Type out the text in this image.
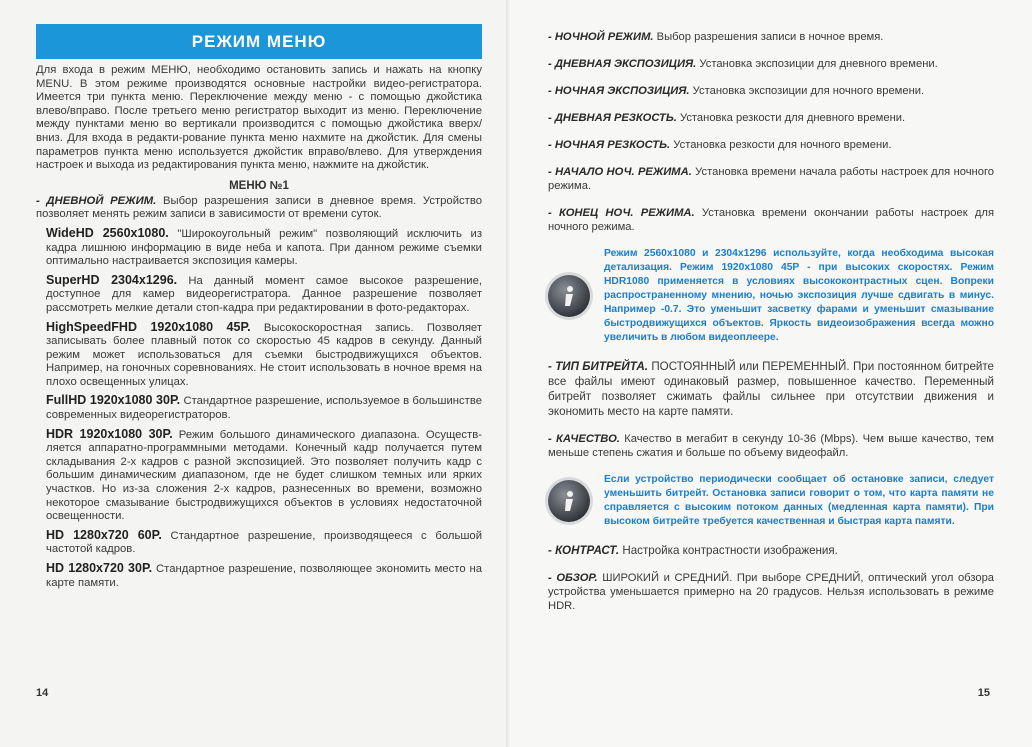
РЕЖИМ МЕНЮ

Для входа в режим МЕНЮ, необходимо остановить запись и нажать на кнопку MENU. В этом режиме производятся основные настройки видео-регистратора. Имеется три пункта меню. Переключение между меню - с помощью джойстика влево/вправо. После третьего меню регистратор выходит из меню. Переключение между пунктами меню во вертикали производится с помощью джойстика вверх/вниз. Для входа в редакти-рование пункта меню нахмите на джойстик. Для смены параметров пункта меню используется джойстик вправо/влево. Для утверждения настроек и выхода из редактирования пункта меню, нажмите на джойстик.

МЕНЮ №1

- ДНЕВНОЙ РЕЖИМ. Выбор разрешения записи в дневное время. Устройство позволяет менять режим записи в зависимости от времени суток.

WideHD 2560x1080. "Широкоугольный режим" позволяющий исключить из кадра лишнюю информацию в виде неба и капота. При данном режиме съемки оптимально настраивается экспозиция камеры.

SuperHD 2304x1296. На данный момент самое высокое разрешение, доступное для камер видеорегистратора. Данное разрешение позволяет рассмотреть мелкие детали стоп-кадра при редактировании в фото-редакторах.

HighSpeedFHD 1920x1080 45P. Высокоскоростная запись. Позволяет записывать более плавный поток со скоростью 45 кадров в секунду. Данный режим может использоваться для съемки быстродвижущихся объектов. Например, на гоночных соревнованиях. Не стоит использовать в ночное время на плохо освещенных улицах.

FullHD 1920x1080 30P. Стандартное разрешение, используемое в большинстве современных видеорегистраторов.

HDR 1920x1080 30P. Режим большого динамического диапазона. Осуществ-ляется аппаратно-программными методами. Конечный кадр получается путем складывания 2-х кадров с разной экспозицией. Это позволяет получить кадр с большим динамическим диапазоном, где не будет слишком темных или ярких участков. Но из-за сложения 2-х кадров, разнесенных во времени, возможно некоторое смазывание быстродвижущихся объектов в условиях недостаточной освещенности.

HD 1280x720 60P. Стандартное разрешение, производящееся с большой частотой кадров.

HD 1280x720 30P. Стандартное разрешение, позволяющее экономить место на карте памяти.

14

- НОЧНОЙ РЕЖИМ. Выбор разрешения записи в ночное время.

- ДНЕВНАЯ ЭКСПОЗИЦИЯ. Установка экспозиции для дневного времени.

- НОЧНАЯ ЭКСПОЗИЦИЯ. Установка экспозиции для ночного времени.

- ДНЕВНАЯ РЕЗКОСТЬ. Установка резкости для дневного времени.

- НОЧНАЯ РЕЗКОСТЬ. Установка резкости для ночного времени.

- НАЧАЛО НОЧ. РЕЖИМА. Установка времени начала работы настроек для ночного режима.

- КОНЕЦ НОЧ. РЕЖИМА. Установка времени окончании работы настроек для ночного режима.

Режим 2560x1080 и 2304x1296 используйте, когда необходима высокая детализация. Режим 1920x1080 45P - при высоких скоростях. Режим HDR1080 применяется в условиях высококонтрастных сцен. Вопреки распространенному мнению, ночью экспозиция лучше сдвигать в минус. Например -0.7. Это уменьшит засветку фарами и уменьшит смазывание быстродвижущихся объектов. Яркость видеоизображения всегда можно увеличить в любом видеоплеере.

- ТИП БИТРЕЙТА. ПОСТОЯННЫЙ или ПЕРЕМЕННЫЙ. При постоянном битрейте все файлы имеют одинаковый размер, повышенное качество. Переменный битрейт позволяет сжимать файлы сильнее при отсутствии движения и экономить место на карте памяти.

- КАЧЕСТВО. Качество в мегабит в секунду 10-36 (Mbps). Чем выше качество, тем меньше степень сжатия и больше по объему видеофайл.

Если устройство периодически сообщает об остановке записи, следует уменьшить битрейт. Остановка записи говорит о том, что карта памяти не справляется с высоким потоком данных (медленная карта памяти). При высоком битрейте требуется качественная и быстрая карта памяти.

- КОНТРАСТ. Настройка контрастности изображения.

- ОБЗОР. ШИРОКИЙ и СРЕДНИЙ. При выборе СРЕДНИЙ, оптический угол обзора устройства уменьшается примерно на 20 градусов. Нельзя использовать в режиме HDR.

15
